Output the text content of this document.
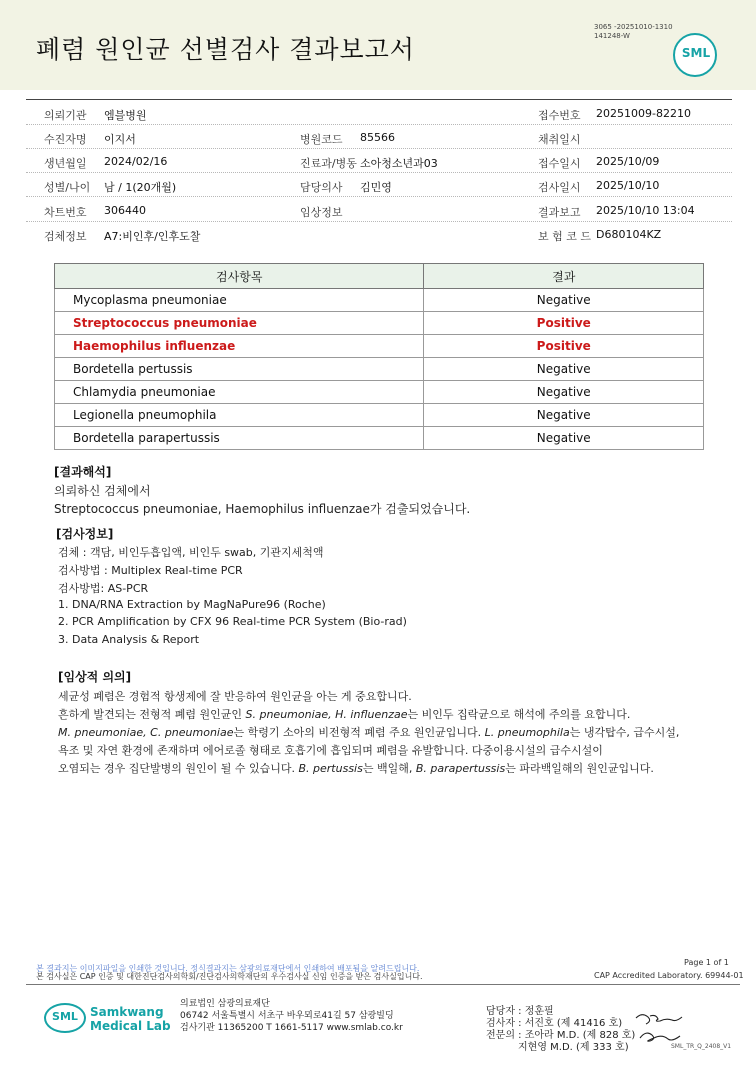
폐렴 원인균 선별검사 결과보고서
3065 -20251010-1310
141248-W
SML
의뢰기관 엠블병원	접수번호 20251009-82210
수진자명 이지서	병원코드 85566	채취일시
생년월일 2024/02/16	진료과/병동 소아청소년과03	접수일시 2025/10/09
성별/나이 남 / 1(20개월)	담당의사 김민영	검사일시 2025/10/10
차트번호 306440	임상정보	결과보고 2025/10/10 13:04
검체정보 A7:비인후/인후도찰	보 험 코 드 D680104KZ
검사항목	결과
Mycoplasma pneumoniae	Negative
Streptococcus pneumoniae	Positive
Haemophilus influenzae	Positive
Bordetella pertussis	Negative
Chlamydia pneumoniae	Negative
Legionella pneumophila	Negative
Bordetella parapertussis	Negative
[결과해석]
의뢰하신 검체에서
Streptococcus pneumoniae, Haemophilus influenzae가 검출되었습니다.
[검사정보]
검체 : 객담, 비인두흡입액, 비인두 swab, 기관지세척액
검사방법 : Multiplex Real-time PCR
검사방법: AS-PCR
1. DNA/RNA Extraction by MagNaPure96 (Roche)
2. PCR Amplification by CFX 96 Real-time PCR System (Bio-rad)
3. Data Analysis & Report
[임상적 의의]
세균성 폐렴은 경험적 항생제에 잘 반응하여 원인균을 아는 게 중요합니다.
흔하게 발견되는 전형적 폐렴 원인균인 S. pneumoniae, H. influenzae는 비인두 집락균으로 해석에 주의를 요합니다.
M. pneumoniae, C. pneumoniae는 학령기 소아의 비전형적 폐렴 주요 원인균입니다. L. pneumophila는 냉각탑수, 급수시설,
욕조 및 자연 환경에 존재하며 에어로졸 형태로 호흡기에 흡입되며 폐렴을 유발합니다. 다중이용시설의 급수시설이
오염되는 경우 집단발병의 원인이 될 수 있습니다. B. pertussis는 백일해, B. parapertussis는 파라백일해의 원인균입니다.
Page 1 of 1
본 결과지는 이미지파일을 인쇄한 것입니다. 정식결과지는 삼광의료재단에서 인쇄하여 배포됨을 알려드립니다.
본 검사실은 CAP 인증 및 대한진단검사의학회/진단검사의학재단의 우수검사실 신임 인증을 받은 검사실입니다.	CAP Accredited Laboratory. 69944-01
SML	Samkwang
Medical Lab
의료법인 삼광의료재단
06742 서울특별시 서초구 바우뫼로41길 57 삼광빌딩
검사기관 11365200 T 1661-5117 www.smlab.co.kr
담당자 : 정훈필
검사자 : 서진호 (제 41416 호)
전문의 : 조아라 M.D. (제 828 호)
지현영 M.D. (제 333 호)	SML_TR_Q_2408_V1
